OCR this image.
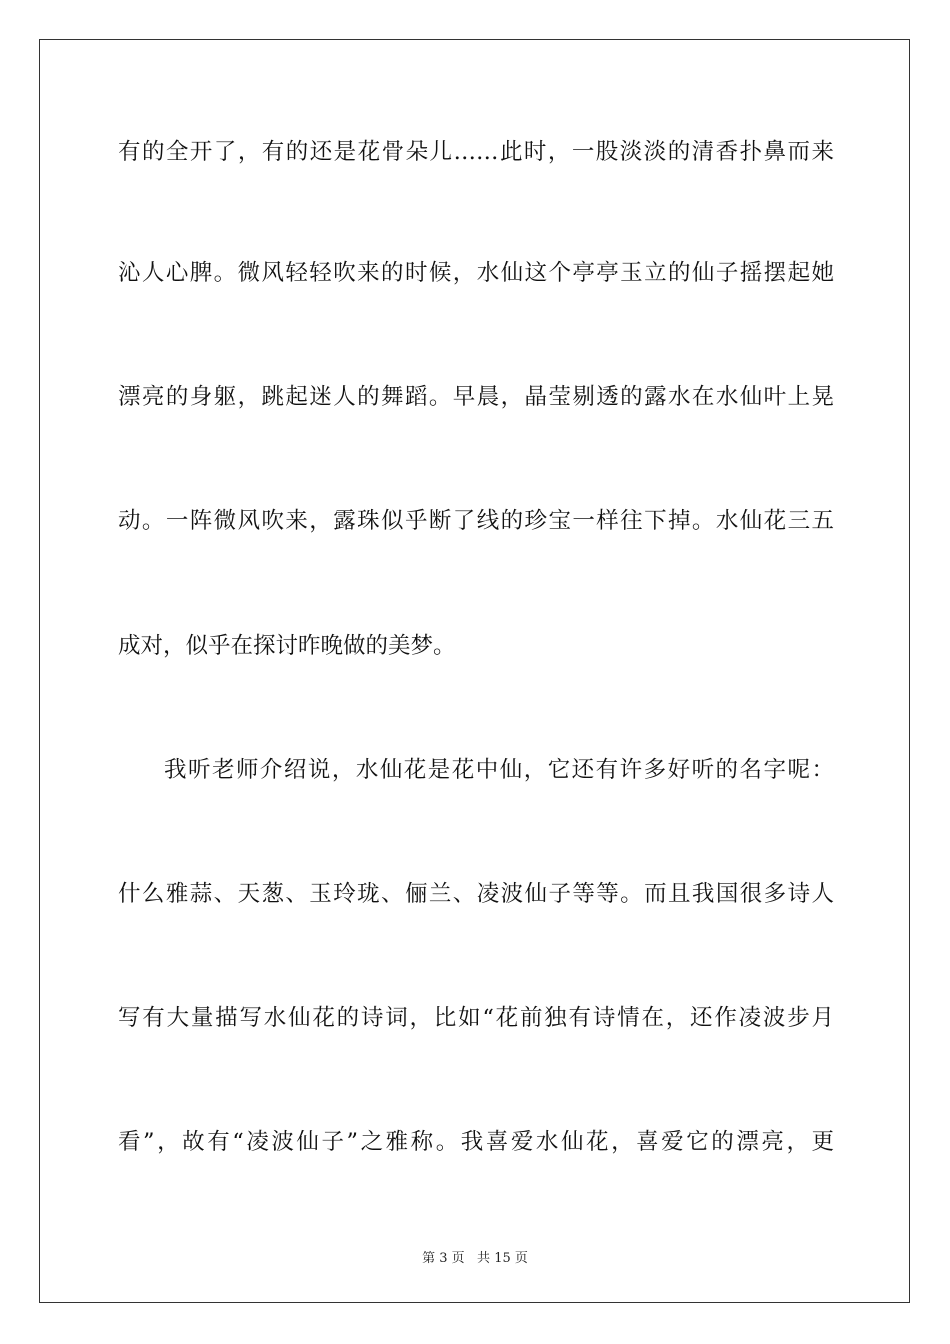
有的全开了，有的还是花骨朵儿……此时，一股淡淡的清香扑鼻而来
沁人心脾。微风轻轻吹来的时候，水仙这个亭亭玉立的仙子摇摆起她
漂亮的身躯，跳起迷人的舞蹈。早晨，晶莹剔透的露水在水仙叶上晃
动。一阵微风吹来，露珠似乎断了线的珍宝一样往下掉。水仙花三五
成对，似乎在探讨昨晚做的美梦。
我听老师介绍说，水仙花是花中仙，它还有许多好听的名字呢：
什么雅蒜、天葱、玉玲珑、俪兰、凌波仙子等等。而且我国很多诗人
写有大量描写水仙花的诗词，比如“花前独有诗情在，还作凌波步月
看”，故有“凌波仙子”之雅称。我喜爱水仙花，喜爱它的漂亮，更
第 3 页   共 15 页
